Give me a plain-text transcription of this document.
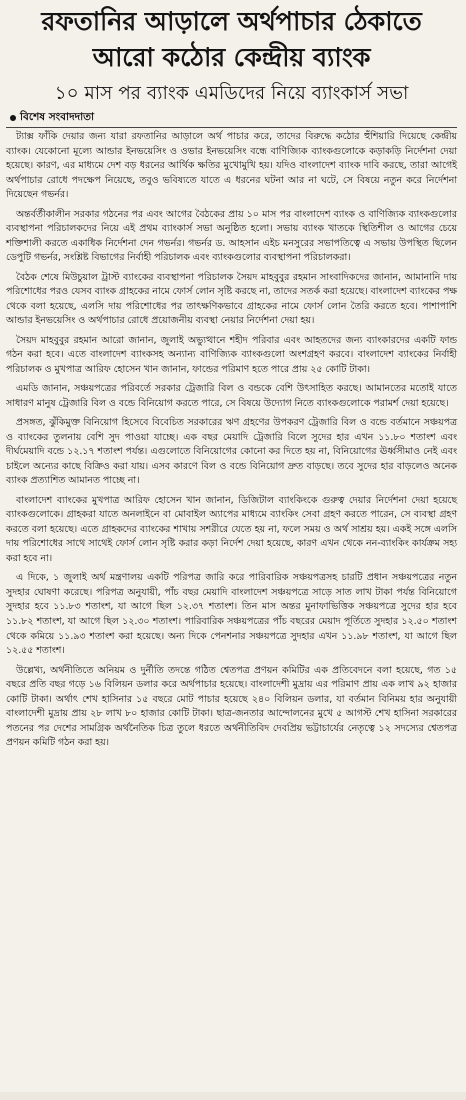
রফতানির আড়ালে অর্থপাচার ঠেকাতে
আরো কঠোর কেন্দ্রীয় ব্যাংক
১০ মাস পর ব্যাংক এমডিদের নিয়ে ব্যাংকার্স সভা
বিশেষ সংবাদদাতা

ট্যাক্স ফাঁকি দেয়ার জন্য যারা রফতানির আড়ালে অর্থ পাচার করে, তাদের বিরুদ্ধে কঠোর হুঁশিয়ারি দিয়েছে কেন্দ্রীয় ব্যাংক। যেকোনো মূল্যে আন্ডার ইনভয়েসিং ও ওভার ইনভয়েসিং বন্ধে বাণিজ্যিক ব্যাংকগুলোকে কড়াকড়ি নির্দেশনা দেয়া হয়েছে। কারণ, এর মাধ্যমে দেশ বড় ধরনের আর্থিক ক্ষতির মুখোমুখি হয়। যদিও বাংলাদেশ ব্যাংক দাবি করছে, তারা আগেই অর্থপাচার রোধে পদক্ষেপ নিয়েছে, তবুও ভবিষ্যতে যাতে এ ধরনের ঘটনা আর না ঘটে, সে বিষয়ে নতুন করে নির্দেশনা দিয়েছেন গভর্নর।

অন্তর্বর্তীকালীন সরকার গঠনের পর এবং আগের বৈঠকের প্রায় ১০ মাস পর বাংলাদেশ ব্যাংক ও বাণিজ্যিক ব্যাংকগুলোর ব্যবস্থাপনা পরিচালকদের নিয়ে এই প্রথম ব্যাংকার্স সভা অনুষ্ঠিত হলো। সভায় ব্যাংক খাতকে স্থিতিশীল ও আগের চেয়ে শক্তিশালী করতে একাধিক নির্দেশনা দেন গভর্নর। গভর্নর ড. আহসান এইচ মনসুরের সভাপতিত্বে এ সভায় উপস্থিত ছিলেন ডেপুটি গভর্নর, সংশ্লিষ্ট বিভাগের নির্বাহী পরিচালক এবং ব্যাংকগুলোর ব্যবস্থাপনা পরিচালকরা।

বৈঠক শেষে মিউচুয়াল ট্রাস্ট ব্যাংকের ব্যবস্থাপনা পরিচালক সৈয়দ মাহবুবুর রহমান সাংবাদিকদের জানান, আমানানি দায় পরিশোধের পরও যেসব ব্যাংক গ্রাহকের নামে ফোর্স লোন সৃষ্টি করছে না, তাদের সতর্ক করা হয়েছে। বাংলাদেশ ব্যাংকের পক্ষ থেকে বলা হয়েছে, এলসি দায় পরিশোধের পর তাৎক্ষণিকভাবে গ্রাহকের নামে ফোর্স লোন তৈরি করতে হবে। পাশাপাশি আন্ডার ইনভয়েসিং ও অর্থপাচার রোধে প্রয়োজনীয় ব্যবস্থা নেয়ার নির্দেশনা দেয়া হয়।

সৈয়দ মাহবুবুর রহমান আরো জানান, জুলাই অভ্যুত্থানে শহীদ পরিবার এবং আহতদের জন্য ব্যাংকারদের একটি ফান্ড গঠন করা হবে। এতে বাংলাদেশ ব্যাংকসহ অন্যান্য বাণিজ্যিক ব্যাংকগুলো অংশগ্রহণ করবে। বাংলাদেশ ব্যাংকের নির্বাহী পরিচালক ও মুখপাত্র আরিফ হোসেন খান জানান, ফান্ডের পরিমাণ হতে পারে প্রায় ২৫ কোটি টাকা।

এমডি জানান, সঞ্চয়পত্রের পরিবর্তে সরকার ট্রেজারি বিল ও বন্ডকে বেশি উৎসাহিত করছে। আমানতের মতোই যাতে সাধারণ মানুষ ট্রেজারি বিল ও বন্ডে বিনিয়োগ করতে পারে, সে বিষয়ে উদ্যোগ নিতে ব্যাংকগুলোকে পরামর্শ দেয়া হয়েছে।

প্রসঙ্গত, ঝুঁকিমুক্ত বিনিয়োগ হিসেবে বিবেচিত সরকারের ঋণ গ্রহণের উপকরণ ট্রেজারি বিল ও বন্ডে বর্তমানে সঞ্চয়পত্র ও ব্যাংকের তুলনায় বেশি সুদ পাওয়া যাচ্ছে। এক বছর মেয়াদি ট্রেজারি বিলে সুদের হার এখন ১১.৮০ শতাংশ এবং দীর্ঘমেয়াদি বন্ডে ১২.১৭ শতাংশ পর্যন্ত। এগুলোতে বিনিয়োগের কোনো কর দিতে হয় না, বিনিয়োগের ঊর্ধ্বসীমাও নেই এবং চাইলে অন্যের কাছে বিক্রিও করা যায়। এসব কারণে বিল ও বন্ডে বিনিয়োগ দ্রুত বাড়ছে। তবে সুদের হার বাড়লেও অনেক ব্যাংক প্রত্যাশিত আমানত পাচ্ছে না।

বাংলাদেশ ব্যাংকের মুখপাত্র আরিফ হোসেন খান জানান, ডিজিটাল ব্যাংকিংকে গুরুত্ব দেয়ার নির্দেশনা দেয়া হয়েছে ব্যাংকগুলোকে। গ্রাহকরা যাতে অনলাইনে বা মোবাইল অ্যাপের মাধ্যমে ব্যাংকিং সেবা গ্রহণ করতে পারেন, সে ব্যবস্থা গ্রহণ করতে বলা হয়েছে। এতে গ্রাহকদের ব্যাংকের শাখায় সশরীরে যেতে হয় না, ফলে সময় ও অর্থ সাশ্রয় হয়। একই সঙ্গে এলসি দায় পরিশোধের সাথে সাথেই ফোর্স লোন সৃষ্টি করার কড়া নির্দেশ দেয়া হয়েছে, কারণ এখন থেকে নন-ব্যাংকিং কার্যক্রম সহ্য করা হবে না।

এ দিকে, ১ জুলাই অর্থ মন্ত্রণালয় একটি পরিপত্র জারি করে পারিবারিক সঞ্চয়পত্রসহ চারটি প্রধান সঞ্চয়পত্রের নতুন সুদহার ঘোষণা করেছে। পরিপত্র অনুযায়ী, পাঁচ বছর মেয়াদি বাংলাদেশ সঞ্চয়পত্রে সাড়ে সাত লাখ টাকা পর্যন্ত বিনিয়োগে সুদহার হবে ১১.৮৩ শতাংশ, যা আগে ছিল ১২.৩৭ শতাংশ। তিন মাস অন্তর মুনাফাভিত্তিক সঞ্চয়পত্রে সুদের হার হবে ১১.৮২ শতাংশ, যা আগে ছিল ১২.৩০ শতাংশ। পারিবারিক সঞ্চয়পত্রের পাঁচ বছরের মেয়াদ পূর্তিতে সুদহার ১২.৫০ শতাংশ থেকে কমিয়ে ১১.৯৩ শতাংশ করা হয়েছে। অন্য দিকে পেনশনার সঞ্চয়পত্রে সুদহার এখন ১১.৯৮ শতাংশ, যা আগে ছিল ১২.৫৫ শতাংশ।

উল্লেখ্য, অর্থনীতিতে অনিয়ম ও দুর্নীতি তদন্তে গঠিত শ্বেতপত্র প্রণয়ন কমিটির এক প্রতিবেদনে বলা হয়েছে, গত ১৫ বছরে প্রতি বছর গড়ে ১৬ বিলিয়ন ডলার করে অর্থপাচার হয়েছে। বাংলাদেশী মুদ্রায় এর পরিমাণ প্রায় এক লাখ ৯২ হাজার কোটি টাকা। অর্থাৎ শেখ হাসিনার ১৫ বছরে মোট পাচার হয়েছে ২৪০ বিলিয়ন ডলার, যা বর্তমান বিনিময় হার অনুযায়ী বাংলাদেশী মুদ্রায় প্রায় ২৮ লাখ ৮০ হাজার কোটি টাকা। ছাত্র-জনতার আন্দোলনের মুখে ৫ আগস্ট শেখ হাসিনা সরকারের পতনের পর দেশের সামগ্রিক অর্থনৈতিক চিত্র তুলে ধরতে অর্থনীতিবিদ দেবপ্রিয় ভট্টাচার্যের নেতৃত্বে ১২ সদস্যের শ্বেতপত্র প্রণয়ন কমিটি গঠন করা হয়।
